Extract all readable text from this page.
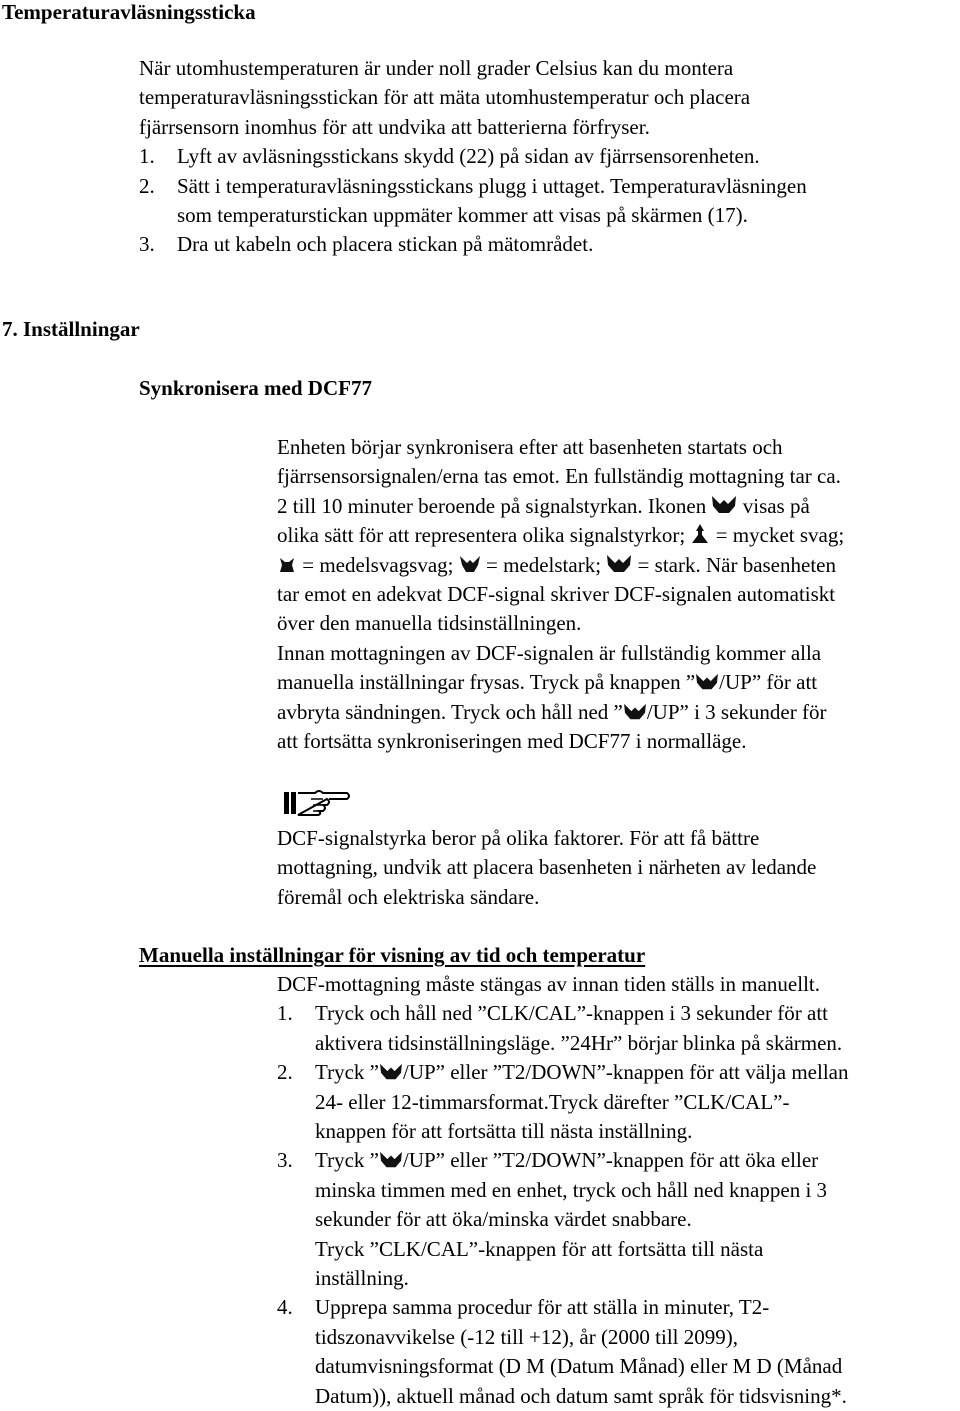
Temperaturavläsningssticka
När utomhustemperaturen är under noll grader Celsius kan du montera
temperaturavläsningsstickan för att mäta utomhustemperatur och placera
fjärrsensorn inomhus för att undvika att batterierna förfryser.
1.	Lyft av avläsningsstickans skydd (22) på sidan av fjärrsensorenheten.
2.	Sätt i temperaturavläsningsstickans plugg i uttaget. Temperaturavläsningen
som temperaturstickan uppmäter kommer att visas på skärmen (17).
3.	Dra ut kabeln och placera stickan på mätområdet.
7. Inställningar
Synkronisera med DCF77

Enheten börjar synkronisera efter att basenheten startats och

fjärrsensorsignalen/erna tas emot. En fullständig mottagning tar ca.

2 till 10 minuter beroende på signalstyrkan. Ikonen visas på

olika sätt för att representera olika signalstyrkor; = mycket svag;

= medelsvagsvag; = medelstark; = stark. När basenheten

tar emot en adekvat DCF-signal skriver DCF-signalen automatiskt

över den manuella tidsinställningen.

Innan mottagningen av DCF-signalen är fullständig kommer alla

manuella inställningar frysas. Tryck på knappen ” /UP” för att

avbryta sändningen. Tryck och håll ned ” /UP” i 3 sekunder för

att fortsätta synkroniseringen med DCF77 i normalläge.

DCF-signalstyrka beror på olika faktorer. För att få bättre
mottagning, undvik att placera basenheten i närheten av ledande
föremål och elektriska sändare.
Manuella inställningar för visning av tid och temperatur

DCF-mottagning måste stängas av innan tiden ställs in manuellt.

1. Tryck och håll ned ”CLK/CAL”-knappen i 3 sekunder för att
aktivera tidsinställningsläge. ”24Hr” börjar blinka på skärmen.
2. Tryck ” /UP” eller ”T2/DOWN”-knappen för att välja mellan
24- eller 12-timmarsformat.Tryck därefter ”CLK/CAL”-
knappen för att fortsätta till nästa inställning.
3. Tryck ” /UP” eller ”T2/DOWN”-knappen för att öka eller
minska timmen med en enhet, tryck och håll ned knappen i 3
sekunder för att öka/minska värdet snabbare.
Tryck ”CLK/CAL”-knappen för att fortsätta till nästa
inställning.
4. Upprepa samma procedur för att ställa in minuter, T2-
tidszonavvikelse (-12 till +12), år (2000 till 2099),
datumvisningsformat (D M (Datum Månad) eller M D (Månad
Datum)), aktuell månad och datum samt språk för tidsvisning*.
